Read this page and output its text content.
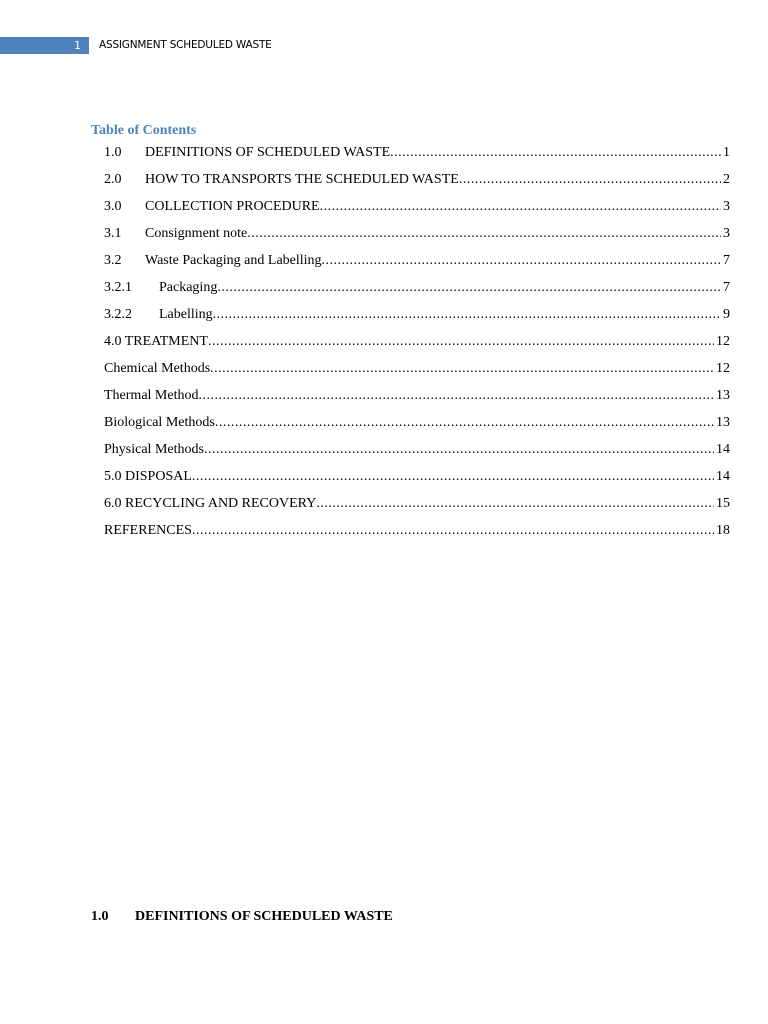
1 ASSIGNMENT SCHEDULED WASTE
Table of Contents
1.0	DEFINITIONS OF SCHEDULED WASTE .....	1
2.0	HOW TO TRANSPORTS THE SCHEDULED WASTE .....	2
3.0	COLLECTION PROCEDURE .....	3
3.1	Consignment note .....	3
3.2	Waste Packaging and Labelling .....	7
3.2.1	Packaging .....	7
3.2.2	Labelling .....	9
4.0 TREATMENT .....	12
Chemical Methods .....	12
Thermal Method .....	13
Biological Methods .....	13
Physical Methods .....	14
5.0 DISPOSAL .....	14
6.0 RECYCLING AND RECOVERY .....	15
REFERENCES .....	18
1.0	DEFINITIONS OF SCHEDULED WASTE
